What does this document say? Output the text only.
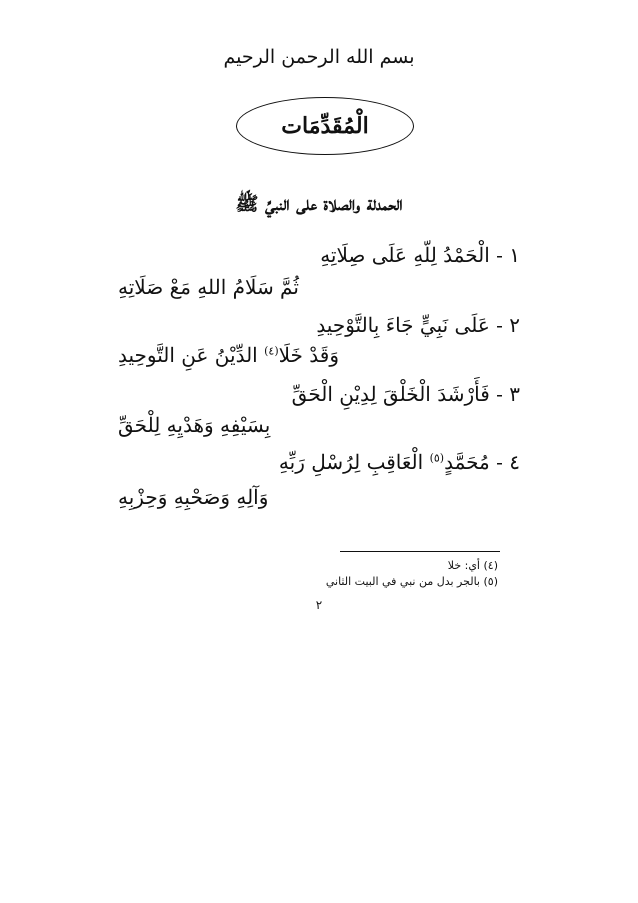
بسم الله الرحمن الرحيم
الْمُقَدِّمَات
الحمدلة والصلاة على النبيِّ ﷺ
١ - الْحَمْدُ لِلّهِ عَلَى صِلَاتِهِ
ثُمَّ سَلَامُ اللهِ مَعْ صَلَاتِهِ
٢ - عَلَى نَبِيٍّ جَاءَ بِالتَّوْحِيدِ
وَقَدْ خَلَا$^{(٤)}$ الدِّيْنُ عَنِ التَّوحِيدِ
٣ - فَأَرْشَدَ الْخَلْقَ لِدِيْنِ الْحَقِّ
بِسَيْفِهِ وَهَدْيِهِ لِلْحَقِّ
٤ - مُحَمَّدٍ$^{(٥)}$ الْعَاقِبِ لِرُسْلِ رَبِّهِ
وَآلِهِ وَصَحْبِهِ وَحِزْبِهِ
(٤) أي: خلا
(٥) بالجر بدل من نبي في البيت الثاني
٢
